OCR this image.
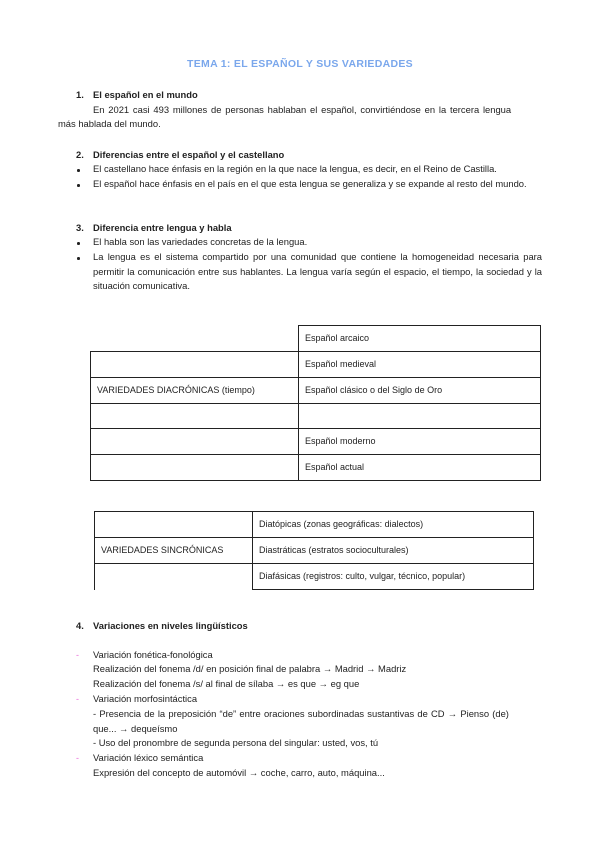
TEMA 1: EL ESPAÑOL Y SUS VARIEDADES
1. El español en el mundo
En 2021 casi 493 millones de personas hablaban el español, convirtiéndose en la tercera lengua
más hablada del mundo.
2. Diferencias entre el español y el castellano
El castellano hace énfasis en la región en la que nace la lengua, es decir, en el Reino de Castilla.
El español hace énfasis en el país en el que esta lengua se generaliza y se expande al resto del mundo.
3. Diferencia entre lengua y habla
El habla son las variedades concretas de la lengua.
La lengua es el sistema compartido por una comunidad que contiene la homogeneidad necesaria para permitir la comunicación entre sus hablantes. La lengua varía según el espacio, el tiempo, la sociedad y la situación comunicativa.
Español arcaico
Español medieval
VARIEDADES DIACRÓNICAS (tiempo)	Español clásico o del Siglo de Oro
Español moderno
Español actual
Diatópicas (zonas geográficas: dialectos)
VARIEDADES SINCRÓNICAS	Diastráticas (estratos socioculturales)
Diafásicas (registros: culto, vulgar, técnico, popular)
4. Variaciones en niveles lingüísticos
- Variación fonética-fonológica
Realización del fonema /d/ en posición final de palabra → Madrid → Madriz
Realización del fonema /s/ al final de sílaba → es que → eg que
- Variación morfosintáctica
- Presencia de la preposición “de” entre oraciones subordinadas sustantivas de CD → Pienso (de)
que... → dequeísmo
- Uso del pronombre de segunda persona del singular: usted, vos, tú
- Variación léxico semántica
Expresión del concepto de automóvil → coche, carro, auto, máquina...
